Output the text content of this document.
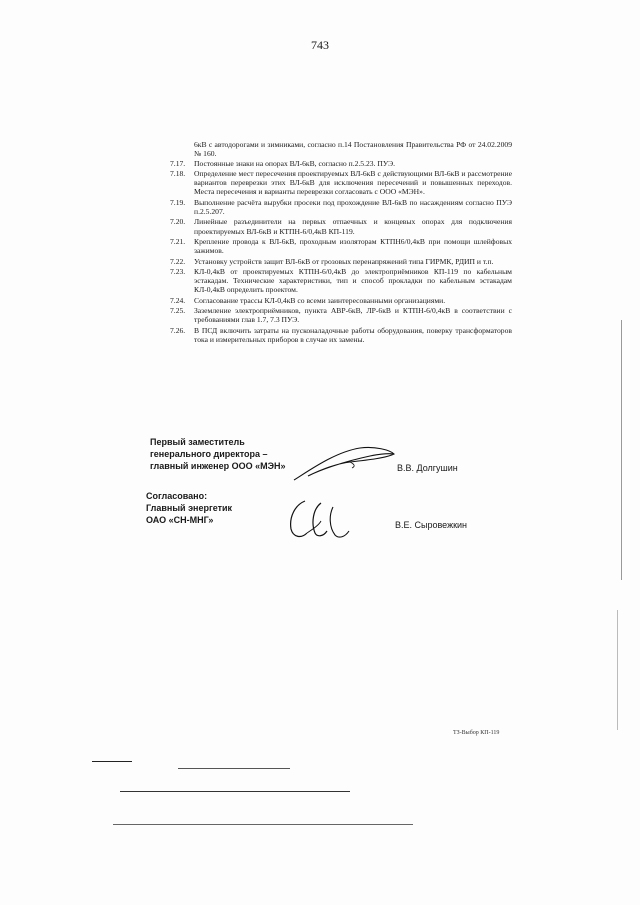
743
6кВ с автодорогами и зимниками, согласно п.14 Постановления Правительства РФ от 24.02.2009 № 160.
7.17.	Постоянные знаки на опорах ВЛ-6кВ, согласно п.2.5.23. ПУЭ.
7.18.	Определение мест пересечения проектируемых ВЛ-6кВ с действующими ВЛ-6кВ и рассмотрение вариантов переврезки этих ВЛ-6кВ для исключения пересечений и повышенных переходов. Места пересечения и варианты переврезки согласовать с ООО «МЭН».
7.19.	Выполнение расчёта вырубки просеки под прохождение ВЛ-6кВ по насаждениям согласно ПУЭ п.2.5.207.
7.20.	Линейные разъединители на первых отпаечных и концевых опорах для подключения проектируемых ВЛ-6кВ и КТПН-6/0,4кВ КП-119.
7.21.	Крепление провода к ВЛ-6кВ, проходным изоляторам КТПН6/0,4кВ при помощи шлейфовых зажимов.
7.22.	Установку устройств защит ВЛ-6кВ от грозовых перенапряжений типа ГИРМК, РДИП и т.п.
7.23.	КЛ-0,4кВ от проектируемых КТПН-6/0,4кВ до электроприёмников КП-119 по кабельным эстакадам. Технические характеристики, тип и способ прокладки по кабельным эстакадам КЛ-0,4кВ определить проектом.
7.24.	Согласование трассы КЛ-0,4кВ со всеми заинтересованными организациями.
7.25.	Заземление электроприёмников, пункта АВР-6кВ, ЛР-6кВ и КТПН-6/0,4кВ в соответствии с требованиями глав 1.7, 7.3 ПУЭ.
7.26.	В ПСД включить затраты на пусконаладочные работы оборудования, поверку трансформаторов тока и измерительных приборов в случае их замены.
Первый заместитель
генерального директора –
главный инженер ООО «МЭН»	В.В. Долгушин
Согласовано:
Главный энергетик
ОАО «СН-МНГ»	В.Е. Сыровежкин
ТЗ-Выбор КП-119
